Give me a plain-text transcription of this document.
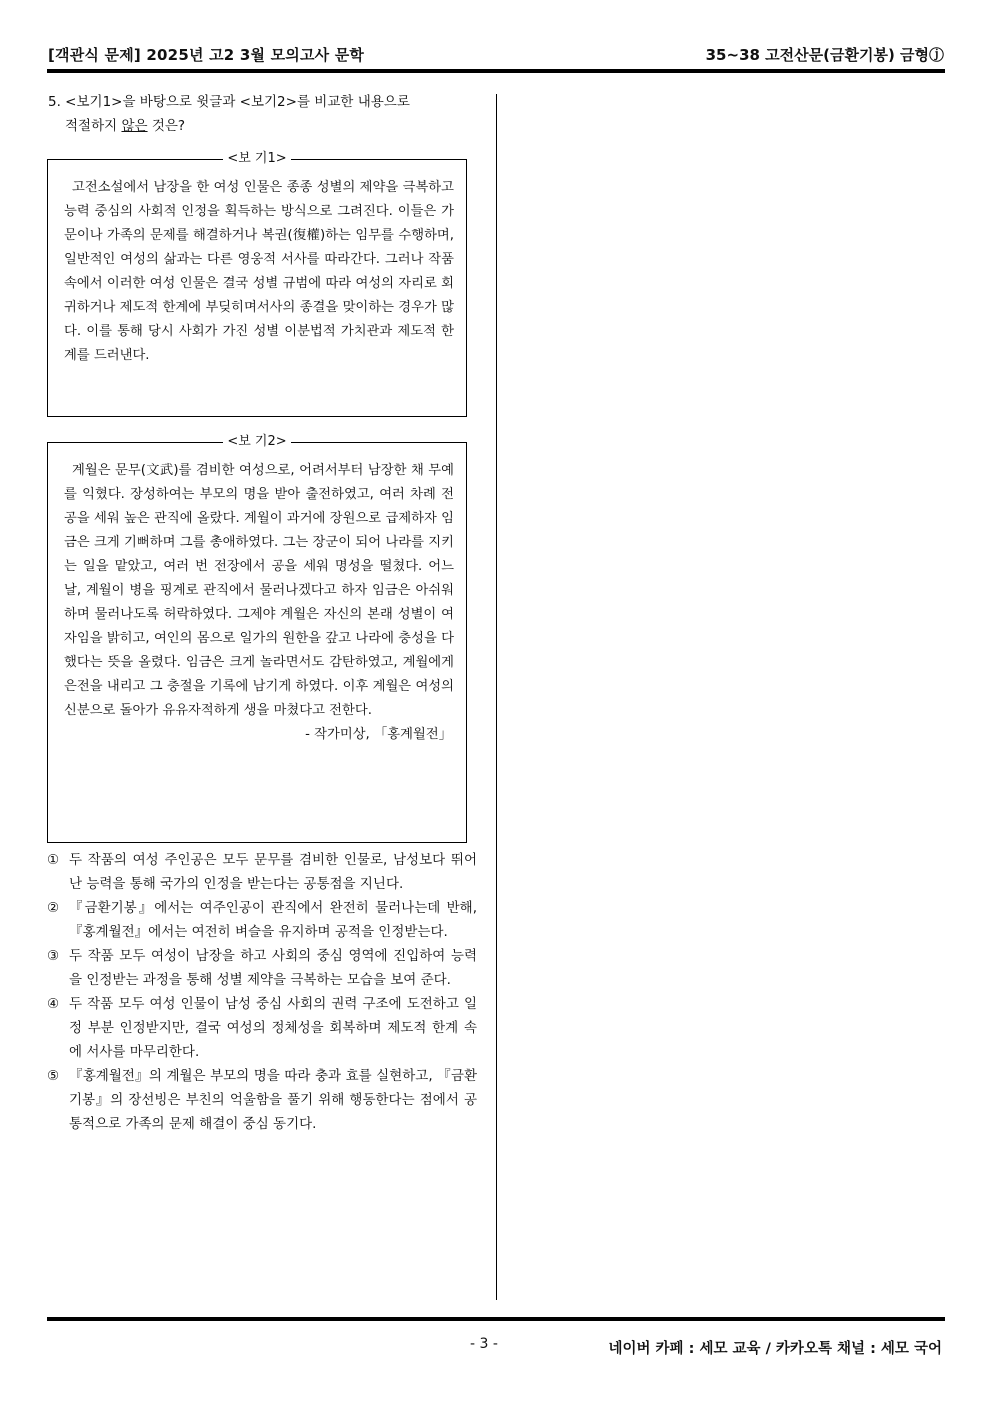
[객관식 문제] 2025년 고2 3월 모의고사 문학	35~38 고전산문(금환기봉) 금형ⓙ
5. <보기1>을 바탕으로 윗글과 <보기2>를 비교한 내용으로
적절하지 않은 것은?
<보 기1>

고전소설에서 남장을 한 여성 인물은 종종 성별의 제약을 극복하고 능력 중심의 사회적 인정을 획득하는 방식으로 그려진다. 이들은 가문이나 가족의 문제를 해결하거나 복권(復權)하는 임무를 수행하며, 일반적인 여성의 삶과는 다른 영웅적 서사를 따라간다. 그러나 작품 속에서 이러한 여성 인물은 결국 성별 규범에 따라 여성의 자리로 회귀하거나 제도적 한계에 부딪히며서사의 종결을 맞이하는 경우가 많다. 이를 통해 당시 사회가 가진 성별 이분법적 가치관과 제도적 한계를 드러낸다.

<보 기2>

계월은 문무(文武)를 겸비한 여성으로, 어려서부터 남장한 채 무예를 익혔다. 장성하여는 부모의 명을 받아 출전하였고, 여러 차례 전공을 세워 높은 관직에 올랐다. 계월이 과거에 장원으로 급제하자 임금은 크게 기뻐하며 그를 총애하였다. 그는 장군이 되어 나라를 지키는 일을 맡았고, 여러 번 전장에서 공을 세워 명성을 떨쳤다. 어느 날, 계월이 병을 핑계로 관직에서 물러나겠다고 하자 임금은 아쉬워하며 물러나도록 허락하였다. 그제야 계월은 자신의 본래 성별이 여자임을 밝히고, 여인의 몸으로 일가의 원한을 갚고 나라에 충성을 다했다는 뜻을 올렸다. 임금은 크게 놀라면서도 감탄하였고, 계월에게 은전을 내리고 그 충절을 기록에 남기게 하였다. 이후 계월은 여성의 신분으로 돌아가 유유자적하게 생을 마쳤다고 전한다.

- 작가미상, 「홍계월전」
① 두 작품의 여성 주인공은 모두 문무를 겸비한 인물로, 남성보다 뛰어난 능력을 통해 국가의 인정을 받는다는 공통점을 지닌다.
② 『금환기봉』에서는 여주인공이 관직에서 완전히 물러나는데 반해, 『홍계월전』에서는 여전히 벼슬을 유지하며 공적을 인정받는다.
③ 두 작품 모두 여성이 남장을 하고 사회의 중심 영역에 진입하여 능력을 인정받는 과정을 통해 성별 제약을 극복하는 모습을 보여 준다.
④ 두 작품 모두 여성 인물이 남성 중심 사회의 권력 구조에 도전하고 일정 부분 인정받지만, 결국 여성의 정체성을 회복하며 제도적 한계 속에 서사를 마무리한다.
⑤ 『홍계월전』의 계월은 부모의 명을 따라 충과 효를 실현하고, 『금환기봉』의 장선빙은 부친의 억울함을 풀기 위해 행동한다는 점에서 공통적으로 가족의 문제 해결이 중심 동기다.
- 3 -	네이버 카페 : 세모 교육 / 카카오톡 채널 : 세모 국어
